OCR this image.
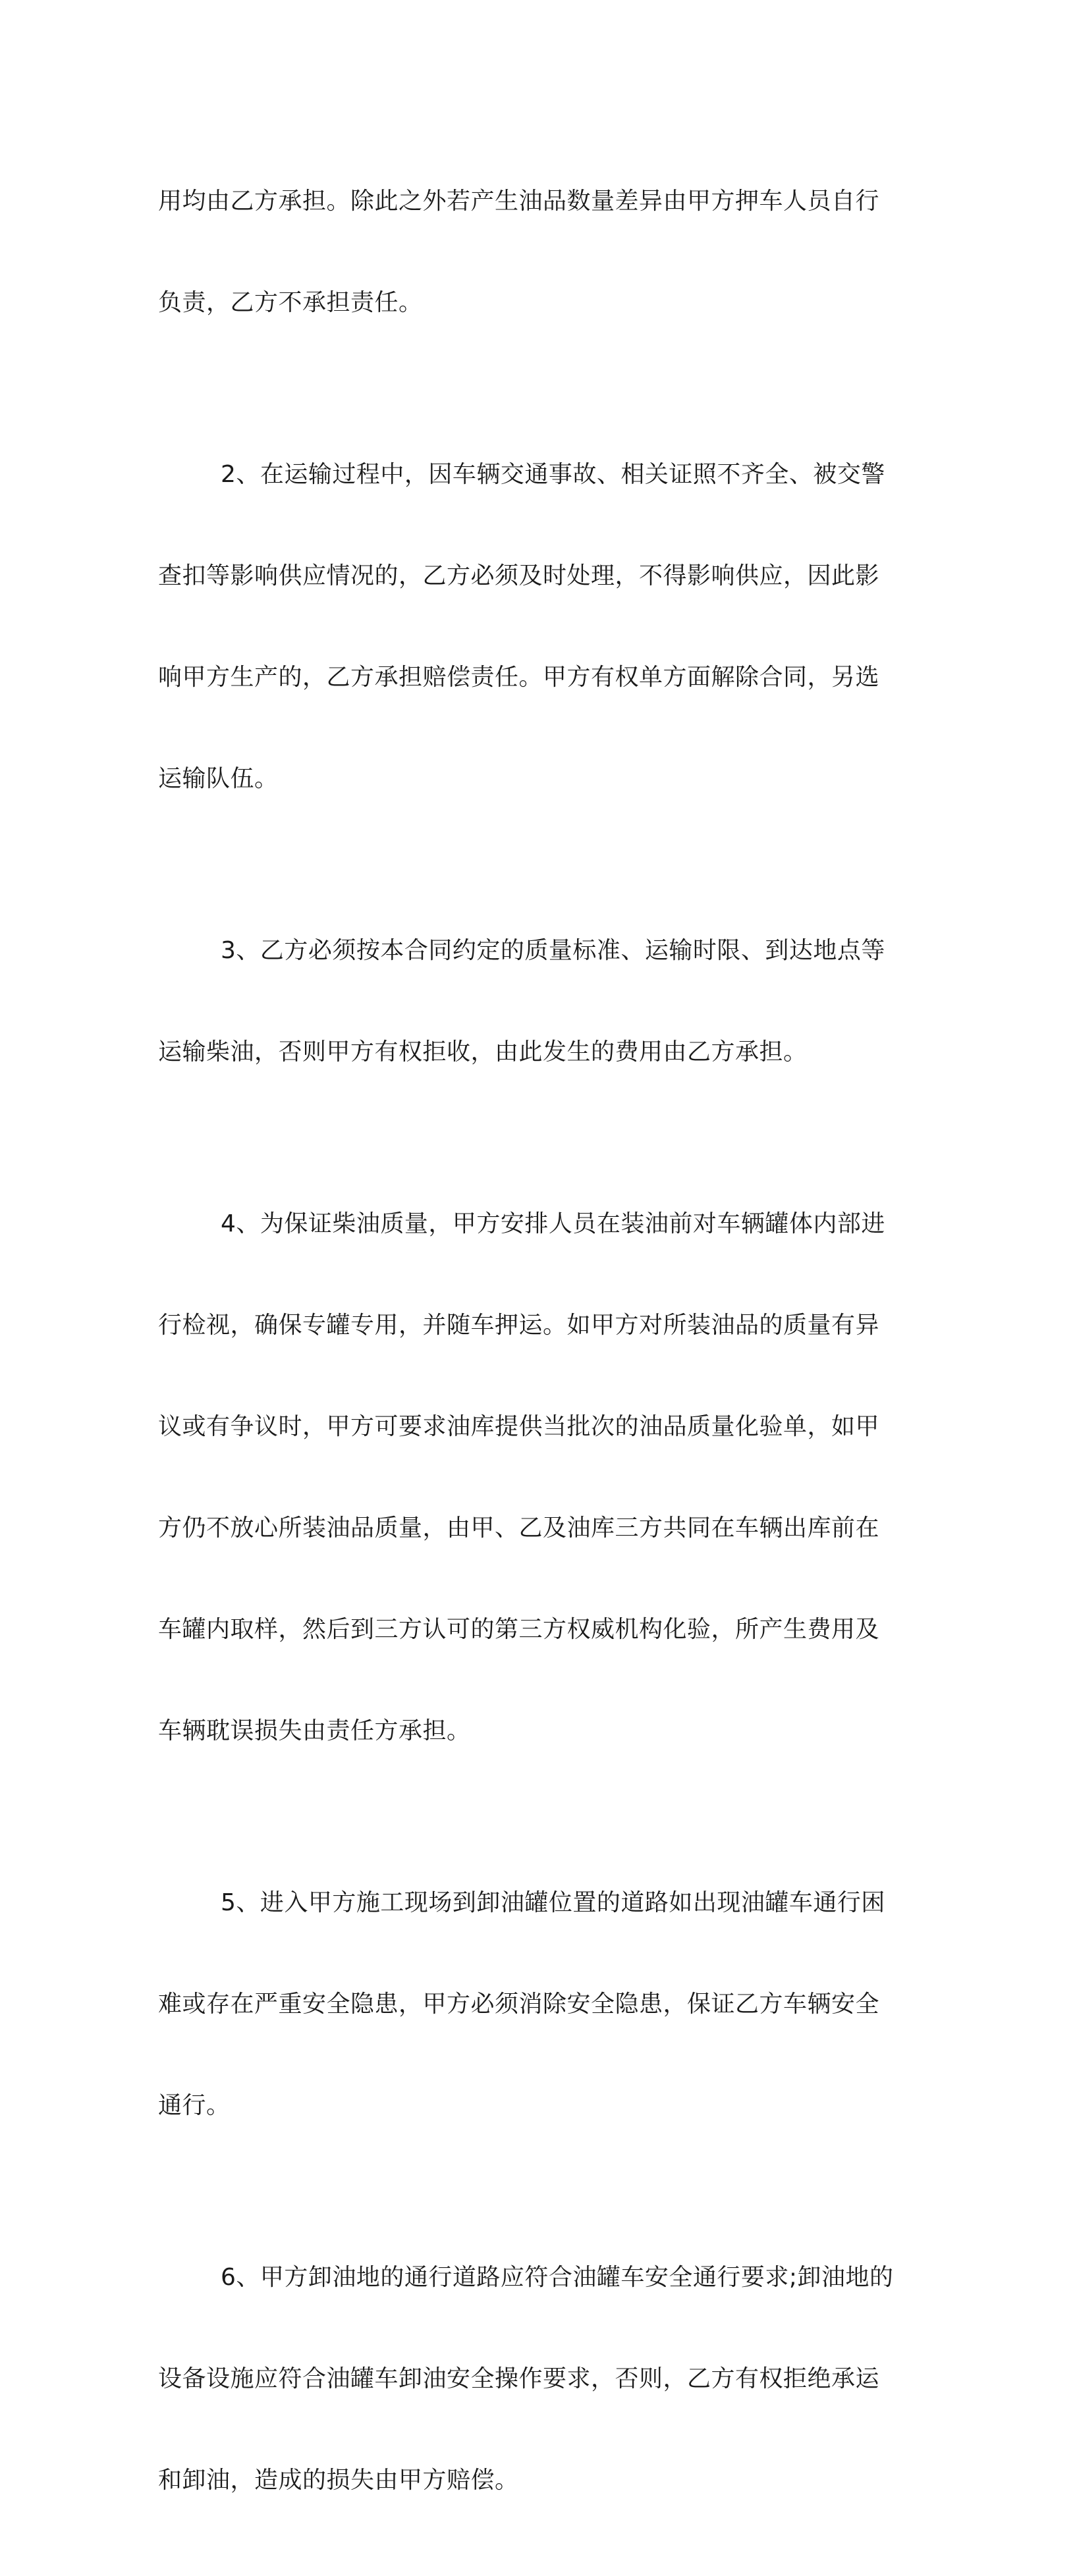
用均由乙方承担。除此之外若产生油品数量差异由甲方押车人员自行

负责，乙方不承担责任。

2、在运输过程中，因车辆交通事故、相关证照不齐全、被交警

查扣等影响供应情况的，乙方必须及时处理，不得影响供应，因此影

响甲方生产的，乙方承担赔偿责任。甲方有权单方面解除合同，另选

运输队伍。

3、乙方必须按本合同约定的质量标准、运输时限、到达地点等

运输柴油，否则甲方有权拒收，由此发生的费用由乙方承担。

4、为保证柴油质量，甲方安排人员在装油前对车辆罐体内部进

行检视，确保专罐专用，并随车押运。如甲方对所装油品的质量有异

议或有争议时，甲方可要求油库提供当批次的油品质量化验单，如甲

方仍不放心所装油品质量，由甲、乙及油库三方共同在车辆出库前在

车罐内取样，然后到三方认可的第三方权威机构化验，所产生费用及

车辆耽误损失由责任方承担。

5、进入甲方施工现场到卸油罐位置的道路如出现油罐车通行困

难或存在严重安全隐患，甲方必须消除安全隐患，保证乙方车辆安全

通行。

6、甲方卸油地的通行道路应符合油罐车安全通行要求;卸油地的

设备设施应符合油罐车卸油安全操作要求，否则，乙方有权拒绝承运

和卸油，造成的损失由甲方赔偿。
